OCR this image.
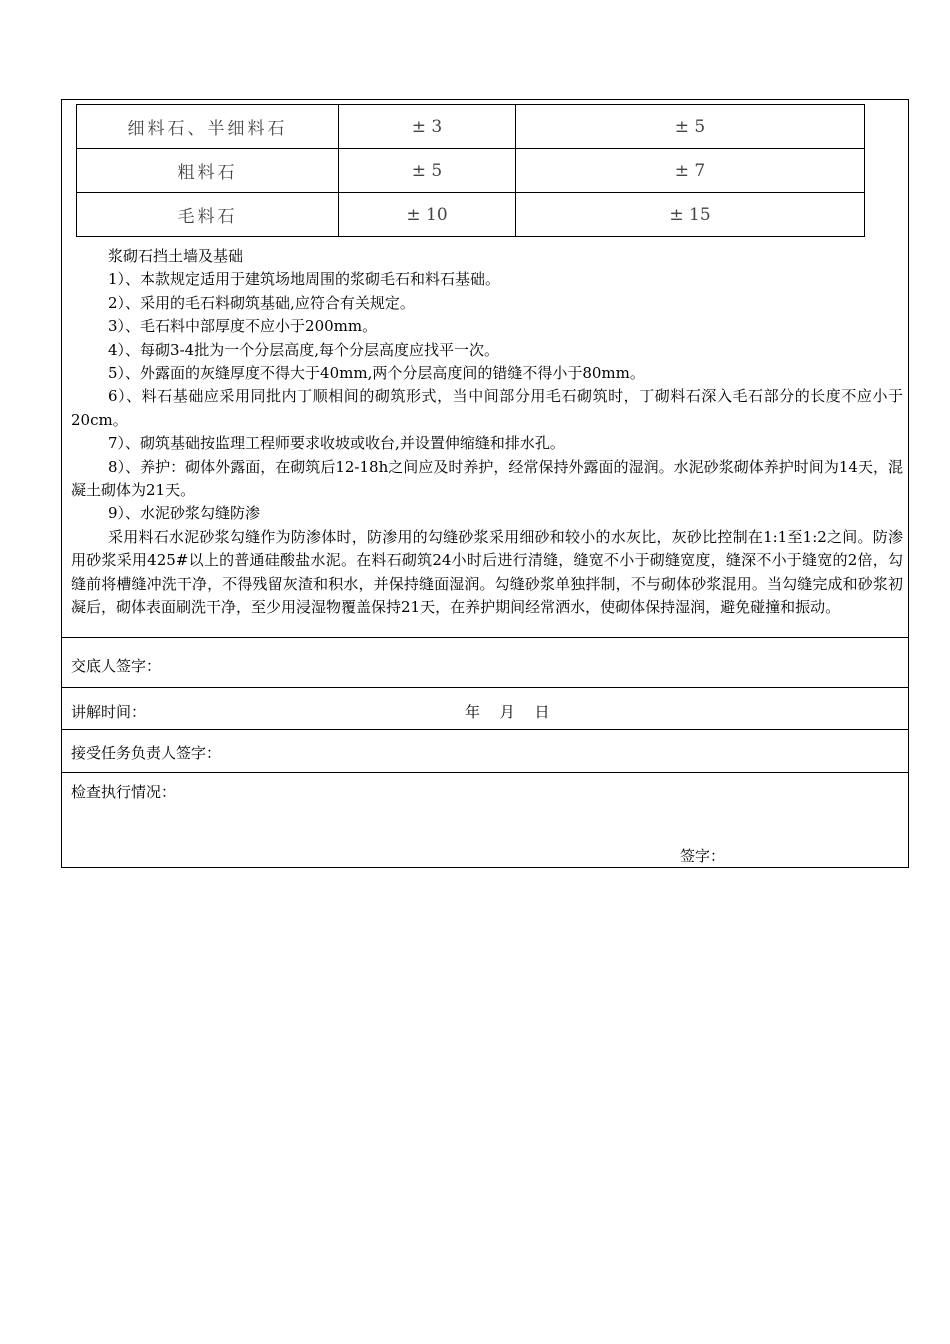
细料石、半细料石	± 3	± 5
粗料石	± 5	± 7
毛料石	± 10	± 15

浆砌石挡土墙及基础

1）、本款规定适用于建筑场地周围的浆砌毛石和料石基础。

2）、采用的毛石料砌筑基础,应符合有关规定。

3）、毛石料中部厚度不应小于200mm。

4）、每砌3-4批为一个分层高度,每个分层高度应找平一次。

5）、外露面的灰缝厚度不得大于40mm,两个分层高度间的错缝不得小于80mm。

6）、料石基础应采用同批内丁顺相间的砌筑形式，当中间部分用毛石砌筑时，丁砌料石深入毛石部分的长度不应小于20cm。

7）、砌筑基础按监理工程师要求收坡或收台,并设置伸缩缝和排水孔。

8）、养护：砌体外露面，在砌筑后12-18h之间应及时养护，经常保持外露面的湿润。水泥砂浆砌体养护时间为14天，混凝土砌体为21天。

9）、水泥砂浆勾缝防渗

采用料石水泥砂浆勾缝作为防渗体时，防渗用的勾缝砂浆采用细砂和较小的水灰比，灰砂比控制在1:1至1:2之间。防渗用砂浆采用425#以上的普通硅酸盐水泥。在料石砌筑24小时后进行清缝，缝宽不小于砌缝宽度，缝深不小于缝宽的2倍，勾缝前将槽缝冲洗干净，不得残留灰渣和积水，并保持缝面湿润。勾缝砂浆单独拌制，不与砌体砂浆混用。当勾缝完成和砂浆初凝后，砌体表面刷洗干净，至少用浸湿物覆盖保持21天，在养护期间经常洒水，使砌体保持湿润，避免碰撞和振动。

交底人签字：
讲解时间：	年 月 日
接受任务负责人签字：
检查执行情况：
签字：
